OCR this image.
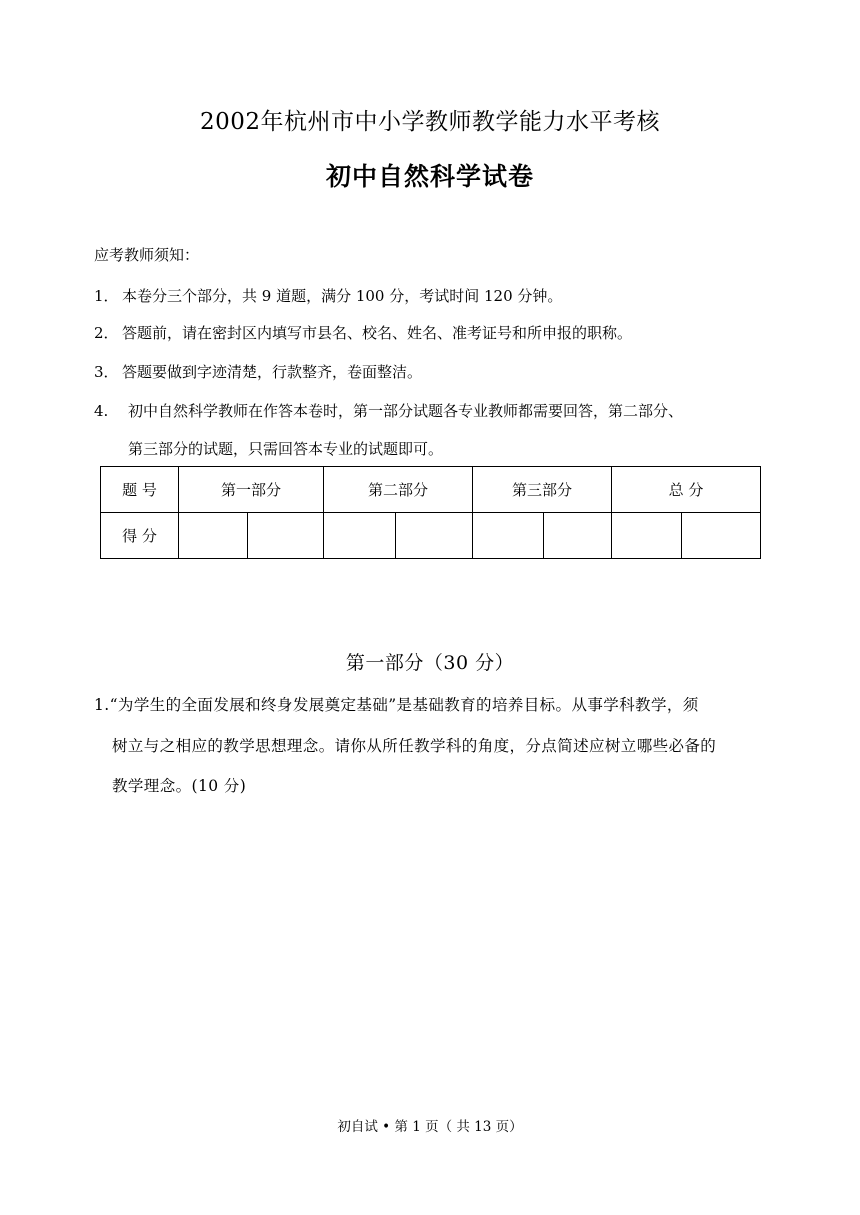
2002年杭州市中小学教师教学能力水平考核
初中自然科学试卷
应考教师须知：
1． 本卷分三个部分，共 9 道题，满分 100 分，考试时间 120 分钟。
2． 答题前，请在密封区内填写市县名、校名、姓名、准考证号和所申报的职称。
3． 答题要做到字迹清楚，行款整齐，卷面整洁。
4. 初中自然科学教师在作答本卷时，第一部分试题各专业教师都需要回答，第二部分、
第三部分的试题，只需回答本专业的试题即可。
题 号	第一部分		第二部分		第三部分		总 分	
得 分								
第一部分（30 分）
1.“为学生的全面发展和终身发展奠定基础”是基础教育的培养目标。从事学科教学，须
树立与之相应的教学思想理念。请你从所任教学科的角度，分点简述应树立哪些必备的
教学理念。(10 分)
初自试 • 第 1 页（ 共 13 页）
